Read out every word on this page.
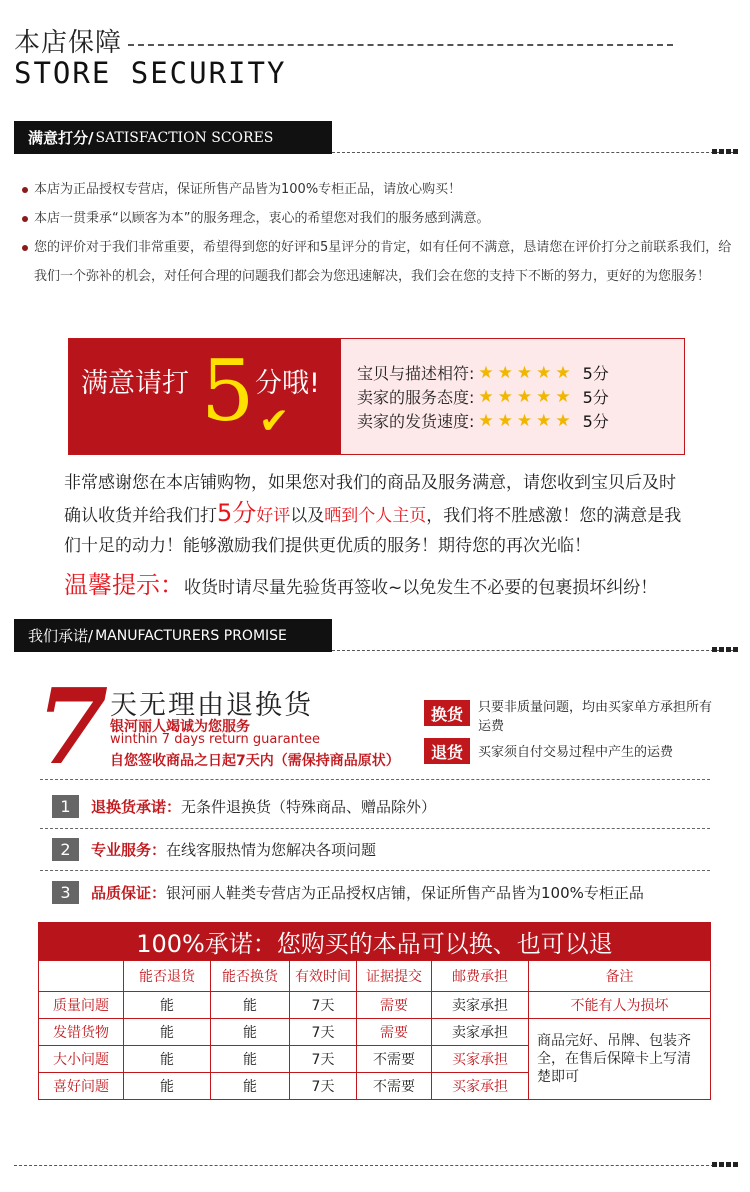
本店保障
STORE SECURITY
满意打分/ SATISFACTION SCORES
本店为正品授权专营店，保证所售产品皆为100%专柜正品，请放心购买！
本店一贯秉承“以顾客为本”的服务理念，衷心的希望您对我们的服务感到满意。
您的评价对于我们非常重要，希望得到您的好评和5星评分的肯定，如有任何不满意，恳请您在评价打分之前联系我们，给我们一个弥补的机会，对任何合理的问题我们都会为您迅速解决，我们会在您的支持下不断的努力，更好的为您服务！
满意请打 5 分哦!
✔
宝贝与描述相符: ★★★★★ 5分
卖家的服务态度: ★★★★★ 5分
卖家的发货速度: ★★★★★ 5分
非常感谢您在本店铺购物，如果您对我们的商品及服务满意，请您收到宝贝后及时
确认收货并给我们打5分好评以及晒到个人主页，我们将不胜感激！您的满意是我
们十足的动力！能够激励我们提供更优质的服务！期待您的再次光临！
温馨提示：收货时请尽量先验货再签收~以免发生不必要的包裹损坏纠纷！
我们承诺/ MANUFACTURERS PROMISE
7 天无理由退换货
银河丽人竭诚为您服务
winthin 7 days return guarantee
自您签收商品之日起7天内（需保持商品原状）
换货	只要非质量问题，均由买家单方承担所有运费
退货	买家须自付交易过程中产生的运费
1	退换货承诺： 无条件退换货（特殊商品、赠品除外）
2	专业服务： 在线客服热情为您解决各项问题
3	品质保证： 银河丽人鞋类专营店为正品授权店铺，保证所售产品皆为100%专柜正品
100%承诺：您购买的本品可以换、也可以退
	能否退货	能否换货	有效时间	证据提交	邮费承担	备注
质量问题	能	能	7天	需要	卖家承担	不能有人为损坏
发错货物	能	能	7天	需要	卖家承担	商品完好、吊牌、包装齐全，在售后保障卡上写清楚即可
大小问题	能	能	7天	不需要	买家承担	
喜好问题	能	能	7天	不需要	买家承担	
